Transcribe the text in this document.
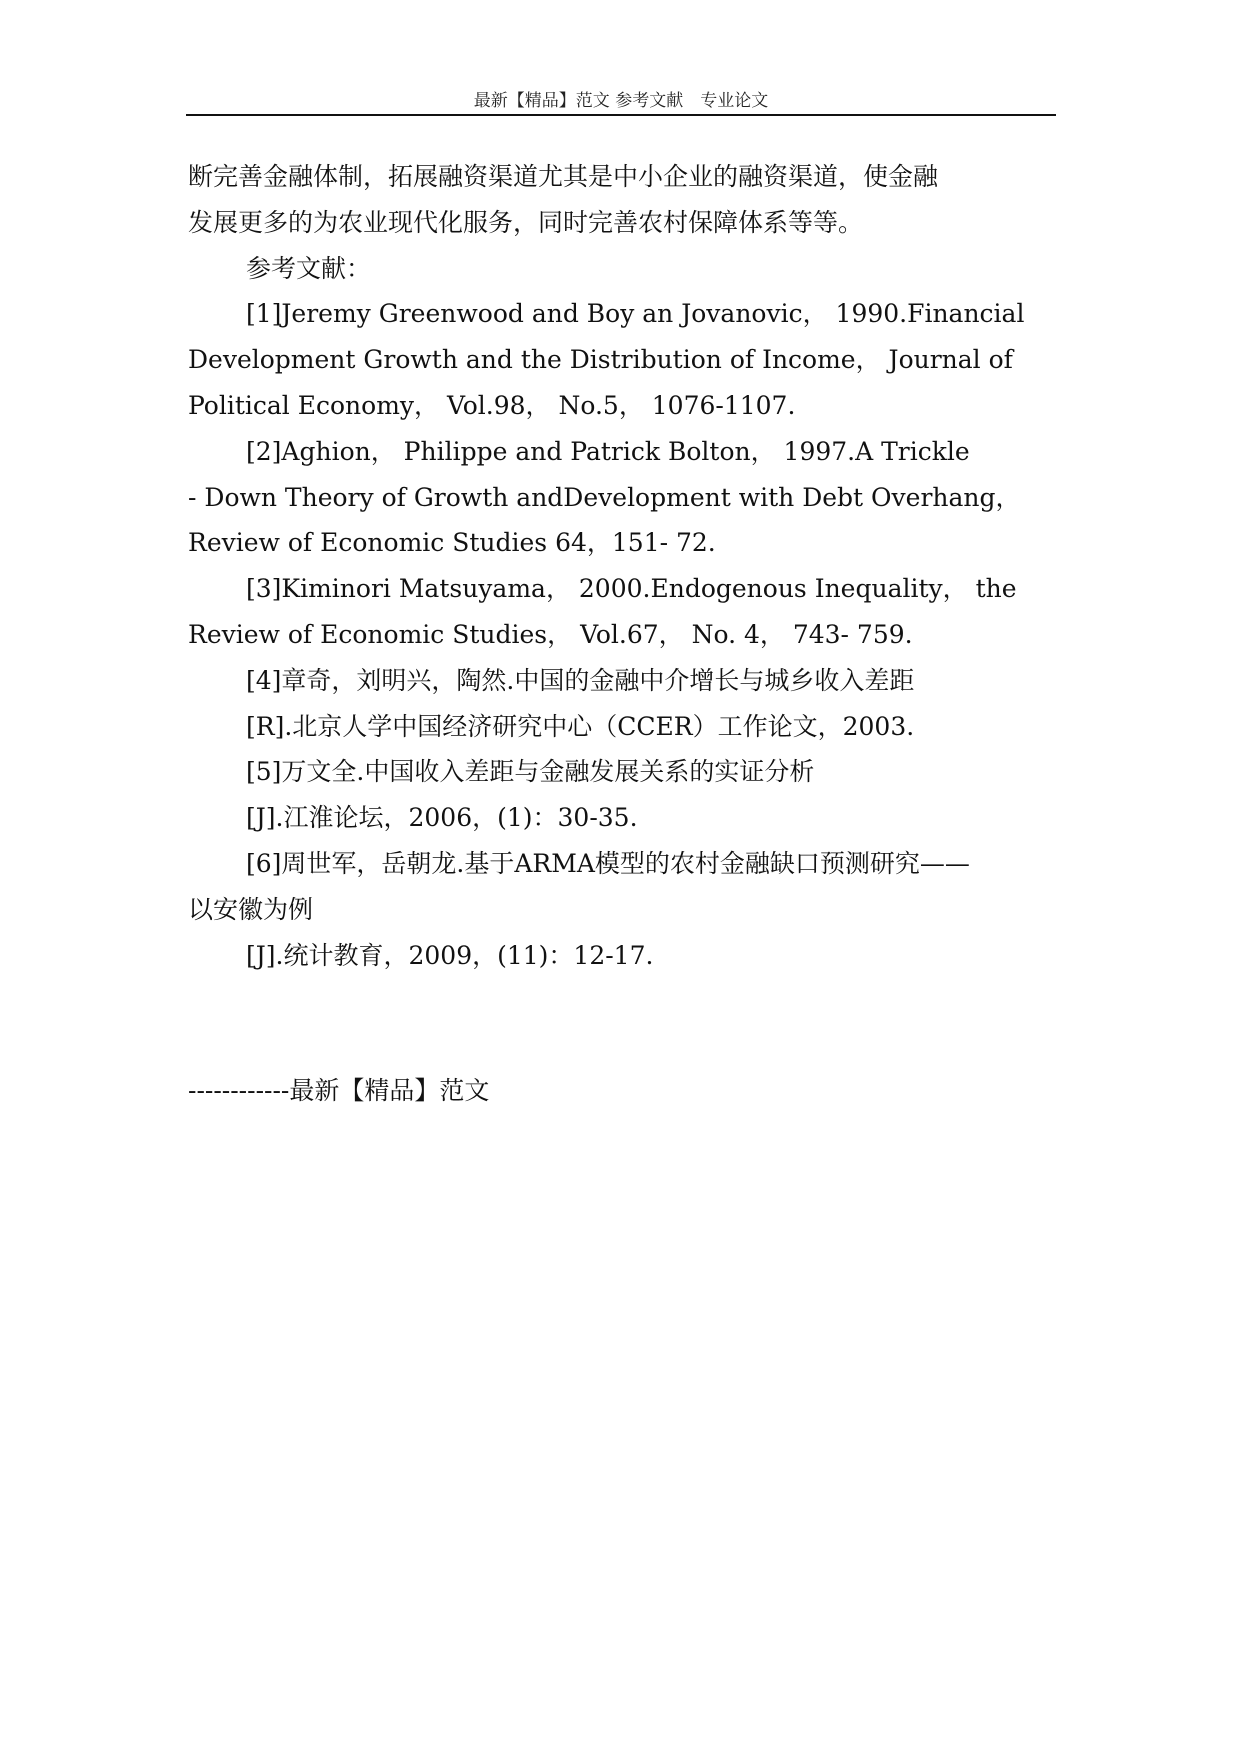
最新【精品】范文 参考文献　专业论文
断完善金融体制，拓展融资渠道尤其是中小企业的融资渠道，使金融
发展更多的为农业现代化服务，同时完善农村保障体系等等。
参考文献：
[1]Jeremy Greenwood and Boy an Jovanovic， 1990.Financial
Development Growth and the Distribution of Income， Journal of
Political Economy， Vol.98， No.5， 1076-1107.
[2]Aghion， Philippe and Patrick Bolton， 1997.A Trickle
- Down Theory of Growth andDevelopment with Debt Overhang，
Review of Economic Studies 64，151- 72.
[3]Kiminori Matsuyama， 2000.Endogenous Inequality， the
Review of Economic Studies， Vol.67， No. 4， 743- 759.
[4]章奇，刘明兴，陶然.中国的金融中介增长与城乡收入差距
[R].北京人学中国经济研究中心（CCER）工作论文，2003.
[5]万文全.中国收入差距与金融发展关系的实证分析
[J].江淮论坛，2006，(1)：30-35.
[6]周世军，岳朝龙.基于ARMA模型的农村金融缺口预测研究——
以安徽为例
[J].统计教育，2009，(11)：12-17.
------------最新【精品】范文
